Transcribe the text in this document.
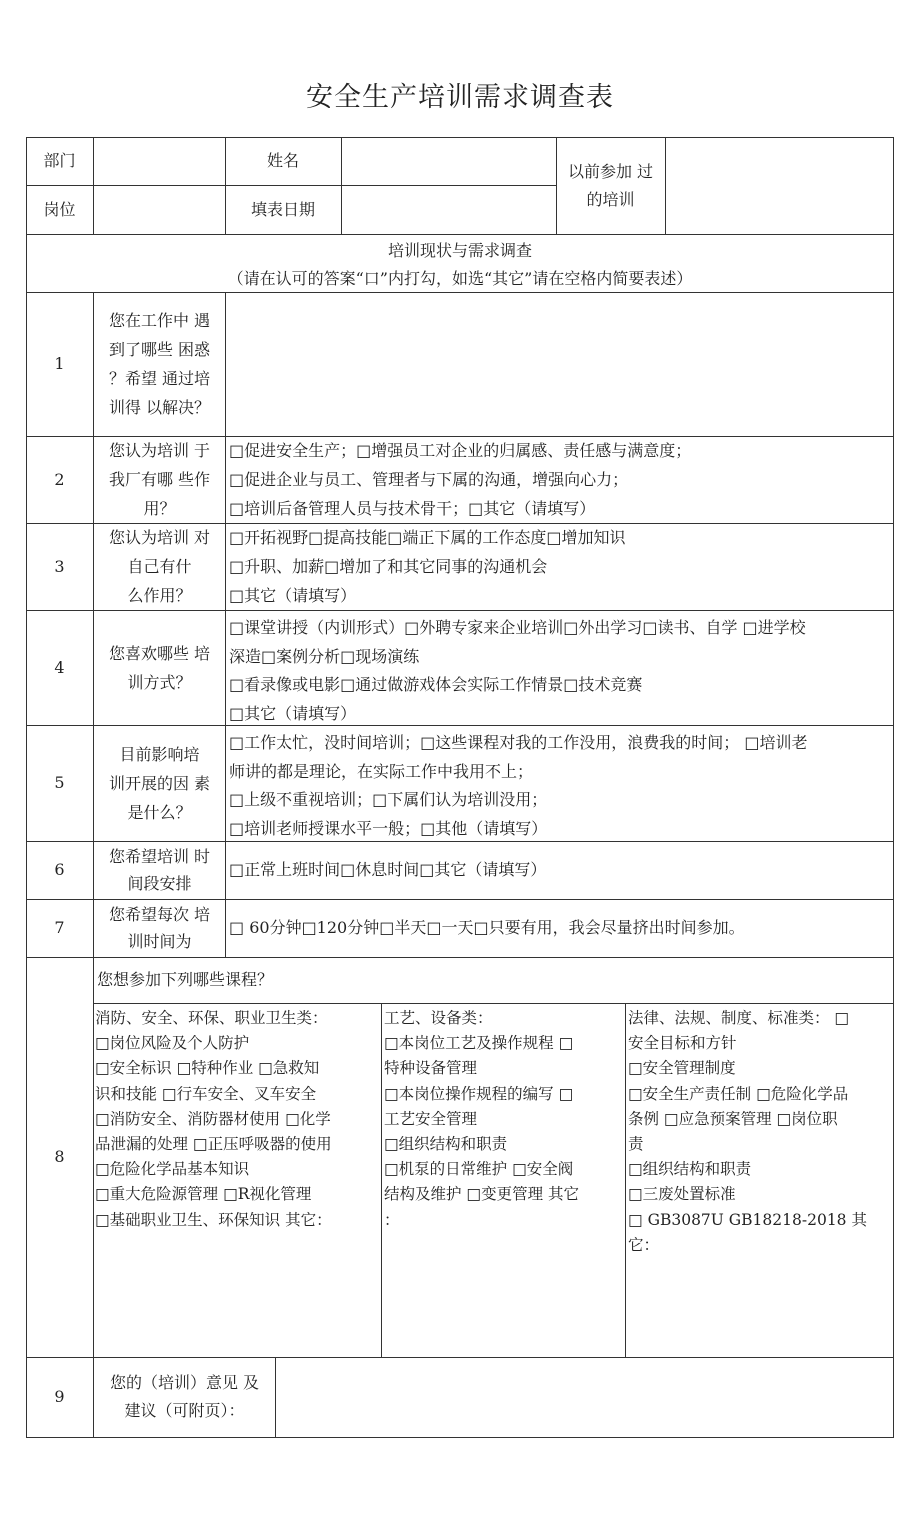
安全生产培训需求调查表
部门	姓名
以前参加 过
的培训
岗位	填表日期
培训现状与需求调查
（请在认可的答案“口”内打勾，如选“其它”请在空格内简要表述）
1
您在工作中 遇
到了哪些 困惑
？希望 通过培
训得 以解决？
2
您认为培训 于
我厂有哪 些作
用？
□促进安全生产；□增强员工对企业的归属感、责任感与满意度；
□促进企业与员工、管理者与下属的沟通，增强向心力；
□培训后备管理人员与技术骨干；□其它（请填写）
3
您认为培训 对
自己有什
么作用？
□开拓视野□提高技能□端正下属的工作态度□增加知识
□升职、加薪□增加了和其它同事的沟通机会
□其它（请填写）
4
您喜欢哪些 培
训方式？
□课堂讲授（内训形式）□外聘专家来企业培训□外出学习□读书、自学 □进学校
深造□案例分析□现场演练
□看录像或电影□通过做游戏体会实际工作情景□技术竞赛
□其它（请填写）
5
目前影响培
训开展的因 素
是什么？
□工作太忙，没时间培训；□这些课程对我的工作没用，浪费我的时间； □培训老
师讲的都是理论，在实际工作中我用不上；
□上级不重视培训；□下属们认为培训没用；
□培训老师授课水平一般；□其他（请填写）
6
您希望培训 时
间段安排
□正常上班时间□休息时间□其它（请填写）
7
您希望每次 培
训时间为
□ 60分钟□120分钟□半天□一天□只要有用，我会尽量挤出时间参加。
8
您想参加下列哪些课程？
消防、安全、环保、职业卫生类：
□岗位风险及个人防护
□安全标识 □特种作业 □急救知
识和技能 □行车安全、叉车安全
□消防安全、消防器材使用 □化学
品泄漏的处理 □正压呼吸器的使用
□危险化学品基本知识
□重大危险源管理 □R视化管理
□基础职业卫生、环保知识 其它：
工艺、设备类：
□本岗位工艺及操作规程 □
特种设备管理
□本岗位操作规程的编写 □
工艺安全管理
□组织结构和职责
□机泵的日常维护 □安全阀
结构及维护 □变更管理 其它
：
法律、法规、制度、标准类： □
安全目标和方针
□安全管理制度
□安全生产责任制 □危险化学品
条例 □应急预案管理 □岗位职
责
□组织结构和职责
□三废处置标准
□ GB3087U GB18218-2018 其它：
9
您的（培训）意见 及
建议（可附页）：
